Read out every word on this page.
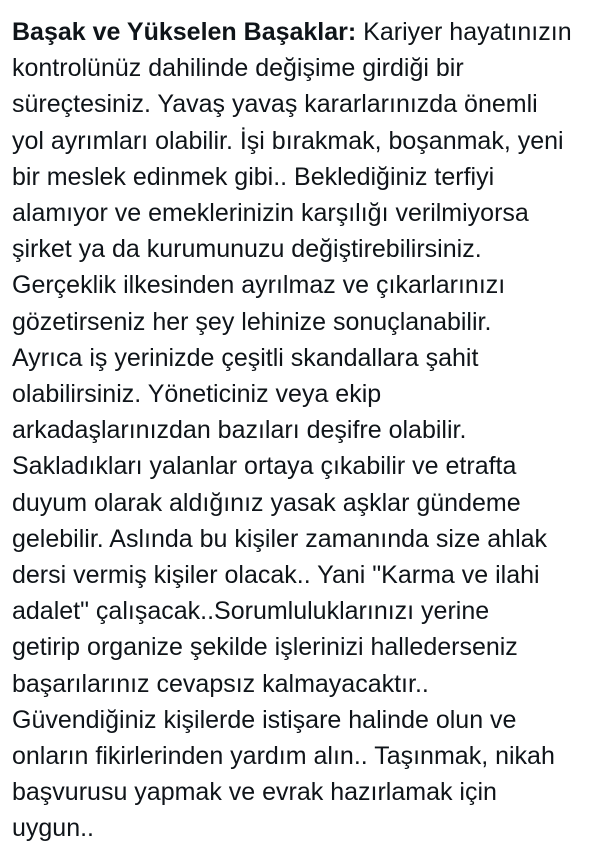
Başak ve Yükselen Başaklar: Kariyer hayatınızın
kontrolünüz dahilinde değişime girdiği bir
süreçtesiniz. Yavaş yavaş kararlarınızda önemli
yol ayrımları olabilir. İşi bırakmak, boşanmak, yeni
bir meslek edinmek gibi.. Beklediğiniz terfiyi
alamıyor ve emeklerinizin karşılığı verilmiyorsa
şirket ya da kurumunuzu değiştirebilirsiniz.
Gerçeklik ilkesinden ayrılmaz ve çıkarlarınızı
gözetirseniz her şey lehinize sonuçlanabilir.
Ayrıca iş yerinizde çeşitli skandallara şahit
olabilirsiniz. Yöneticiniz veya ekip
arkadaşlarınızdan bazıları deşifre olabilir.
Sakladıkları yalanlar ortaya çıkabilir ve etrafta
duyum olarak aldığınız yasak aşklar gündeme
gelebilir. Aslında bu kişiler zamanında size ahlak
dersi vermiş kişiler olacak.. Yani "Karma ve ilahi
adalet" çalışacak..Sorumluluklarınızı yerine
getirip organize şekilde işlerinizi hallederseniz
başarılarınız cevapsız kalmayacaktır..
Güvendiğiniz kişilerde istişare halinde olun ve
onların fikirlerinden yardım alın.. Taşınmak, nikah
başvurusu yapmak ve evrak hazırlamak için
uygun..
